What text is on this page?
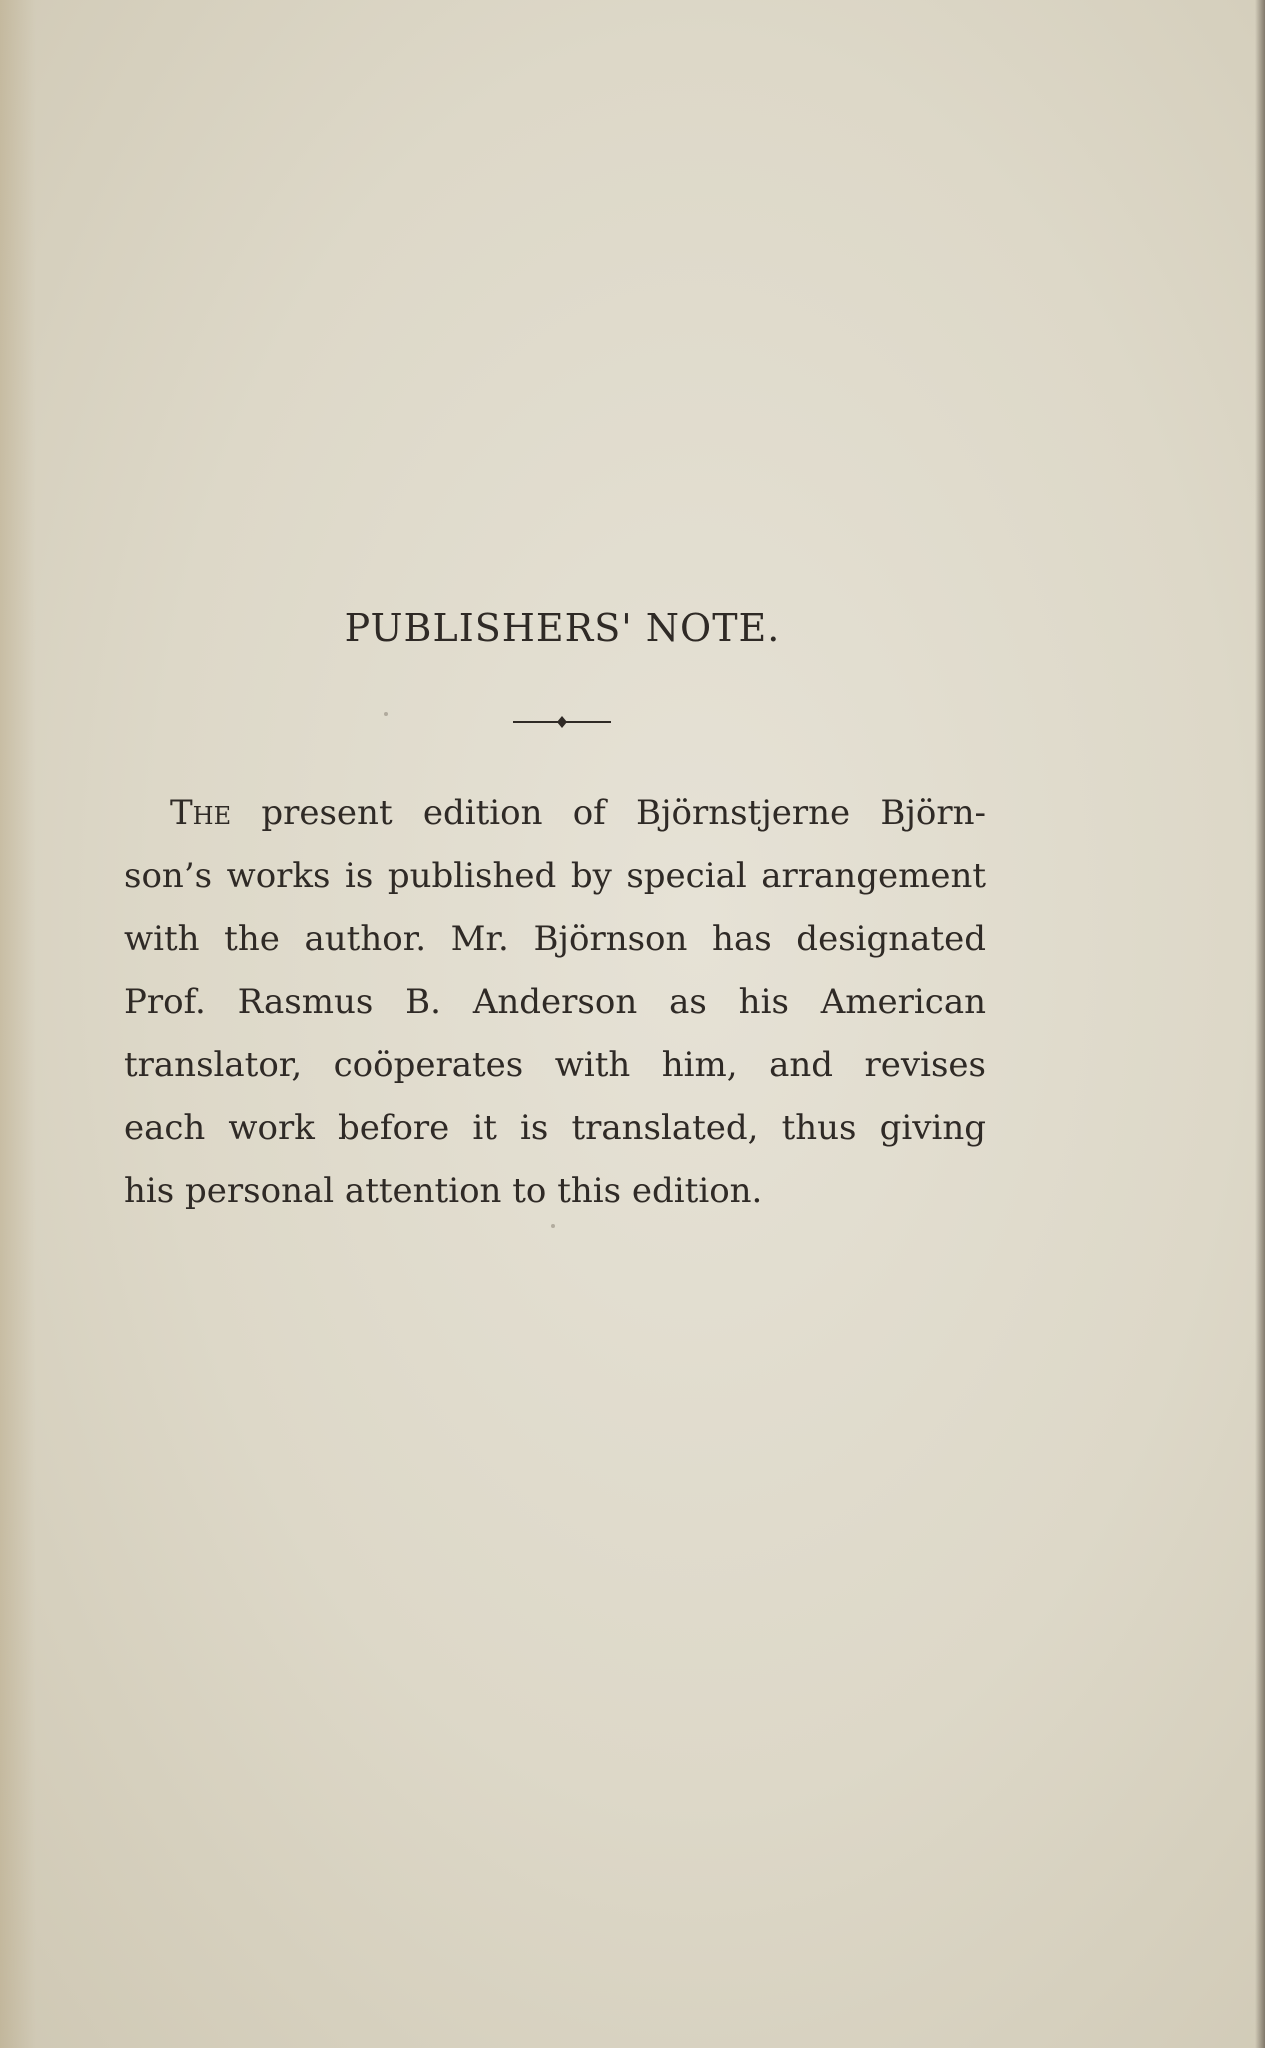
PUBLISHERS' NOTE.
The present edition of Björnstjerne Björn-
son’s works is published by special arrangement
with the author. Mr. Björnson has designated
Prof. Rasmus B. Anderson as his American
translator, coöperates with him, and revises
each work before it is translated, thus giving
his personal attention to this edition.
